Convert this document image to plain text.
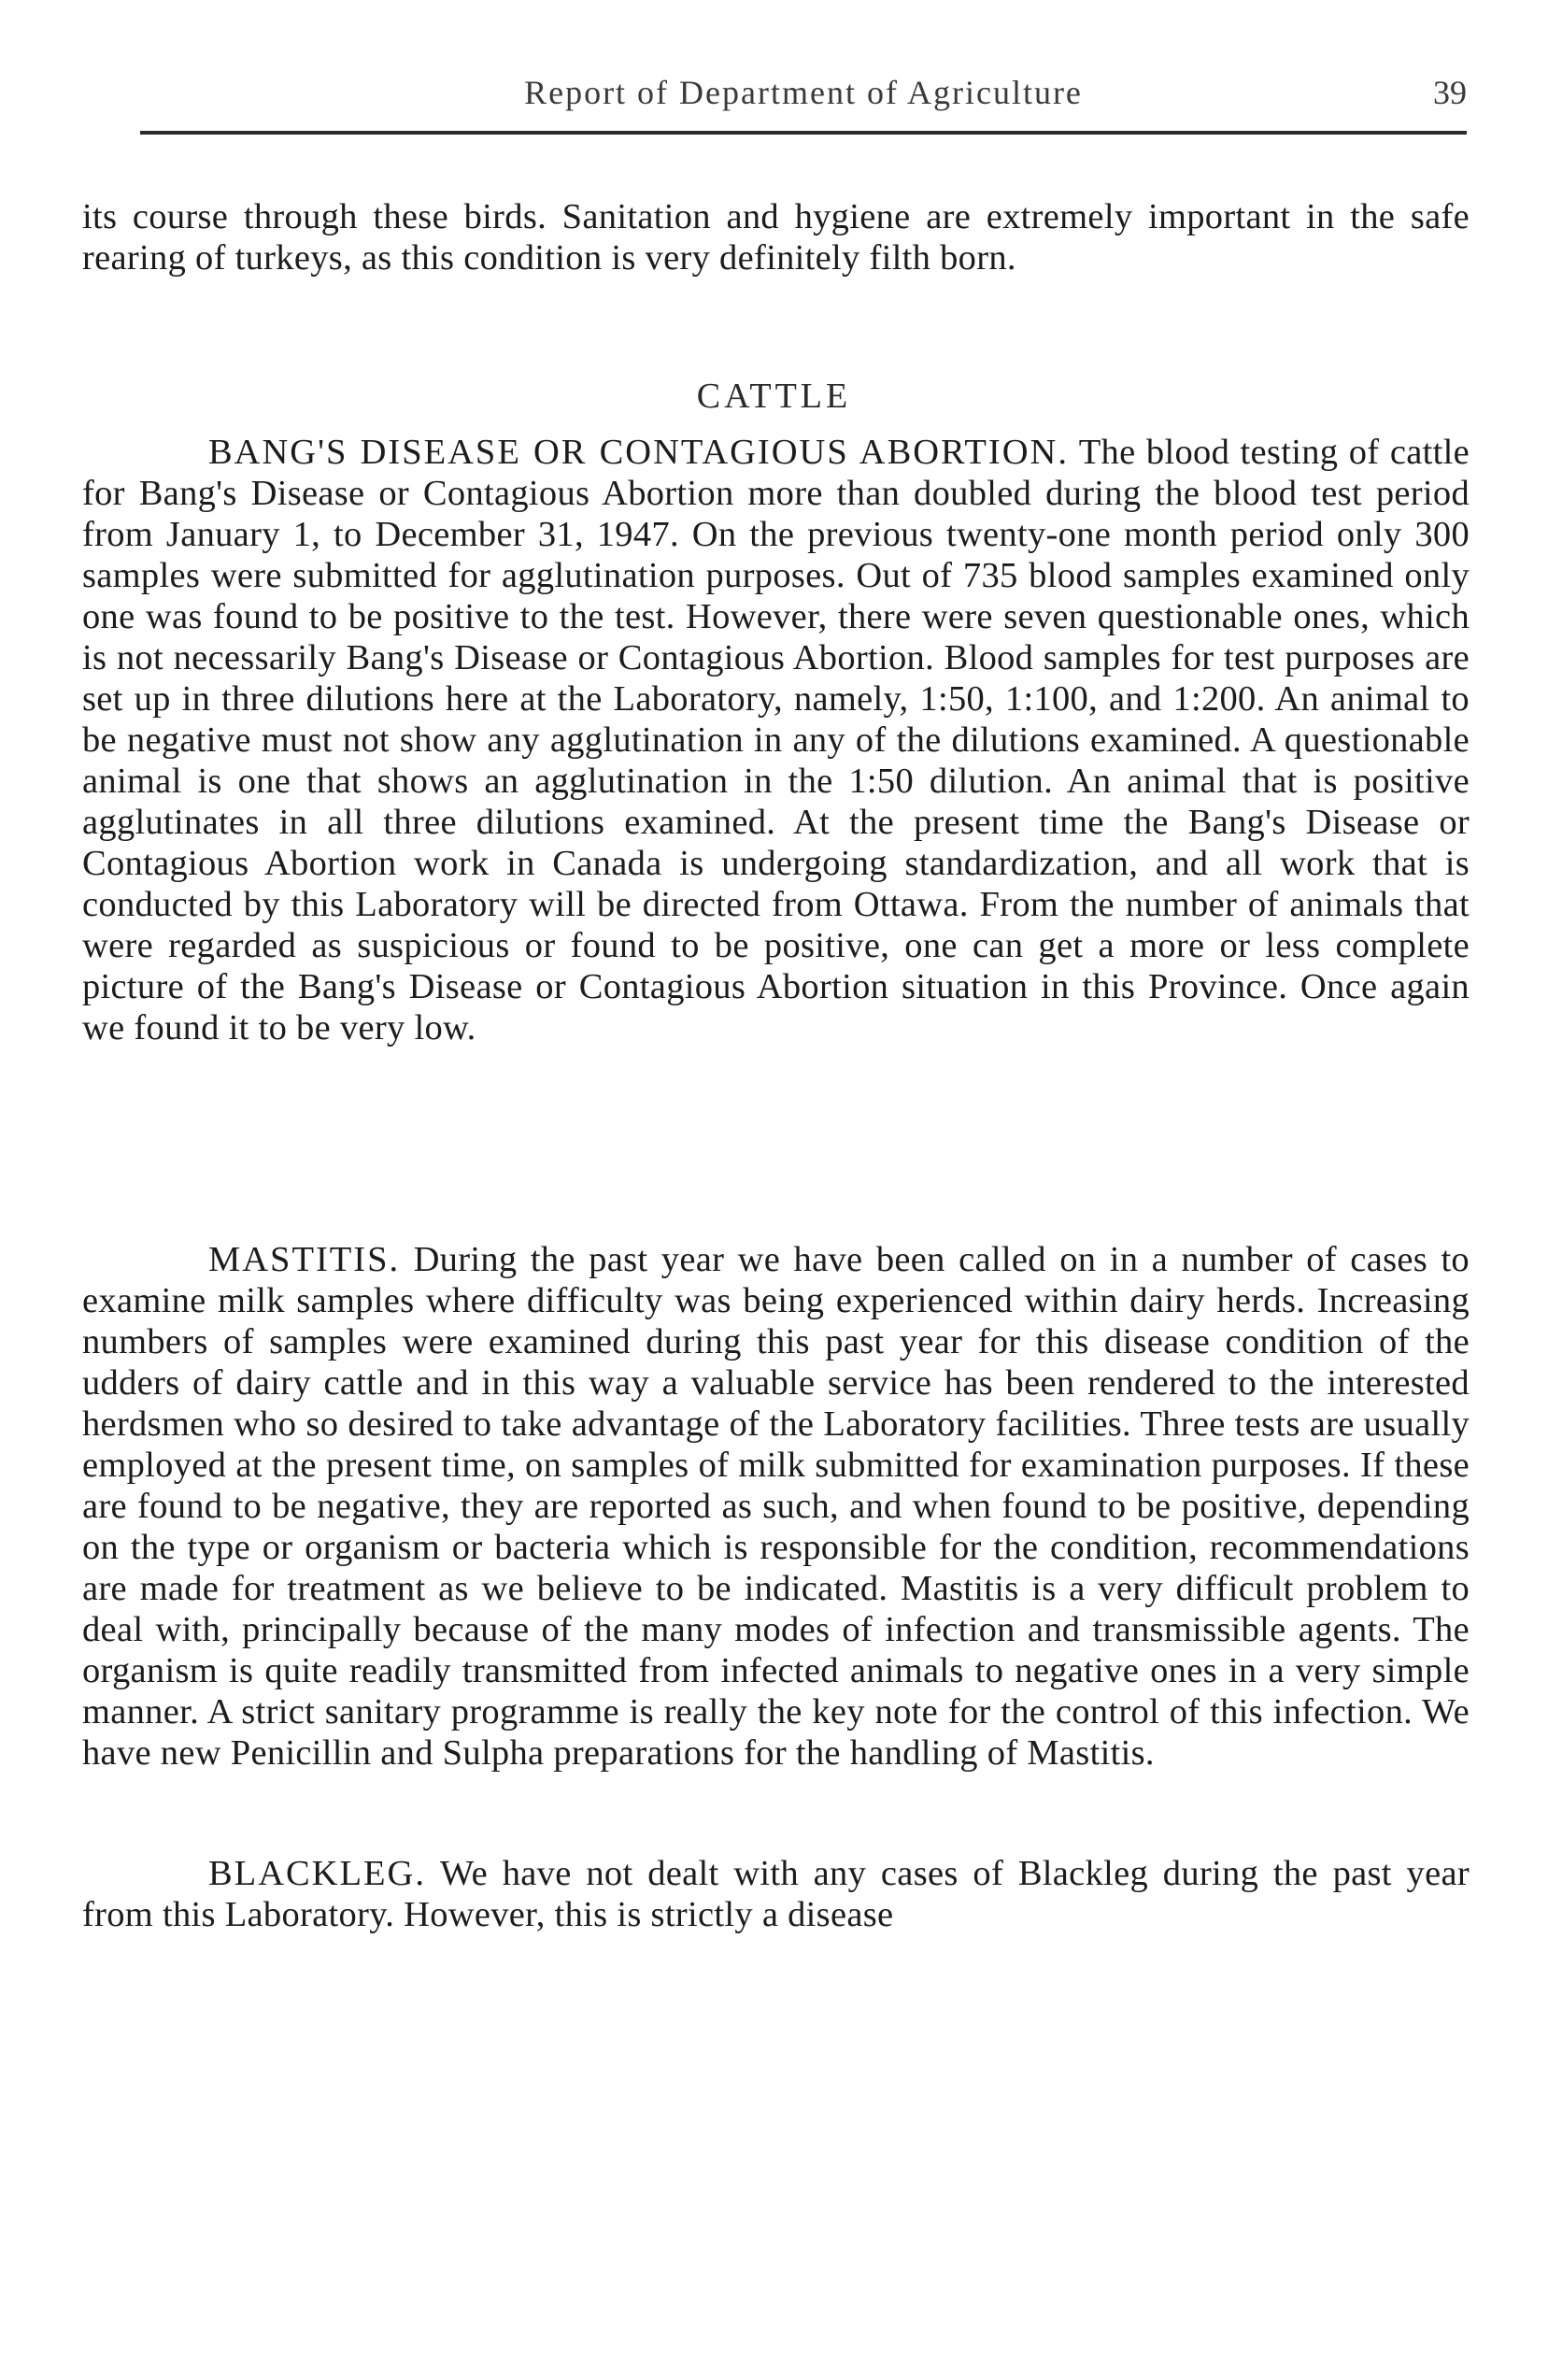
Report of Department of Agriculture	39

its course through these birds. Sanitation and hygiene are extremely important in the safe rearing of turkeys, as this condition is very definitely filth born.

CATTLE

BANG'S DISEASE OR CONTAGIOUS ABORTION. The blood testing of cattle for Bang's Disease or Contagious Abortion more than doubled during the blood test period from January 1, to December 31, 1947. On the previous twenty-one month period only 300 samples were submitted for agglutination purposes. Out of 735 blood samples examined only one was found to be positive to the test. However, there were seven questionable ones, which is not necessarily Bang's Disease or Contagious Abortion. Blood samples for test purposes are set up in three dilutions here at the Laboratory, namely, 1:50, 1:100, and 1:200. An animal to be negative must not show any agglutination in any of the dilutions examined. A questionable animal is one that shows an agglutination in the 1:50 dilution. An animal that is positive agglutinates in all three dilutions examined. At the present time the Bang's Disease or Contagious Abortion work in Canada is undergoing standardization, and all work that is conducted by this Laboratory will be directed from Ottawa. From the number of animals that were regarded as suspicious or found to be positive, one can get a more or less complete picture of the Bang's Disease or Contagious Abortion situation in this Province. Once again we found it to be very low.

MASTITIS. During the past year we have been called on in a number of cases to examine milk samples where difficulty was being experienced within dairy herds. Increasing numbers of samples were examined during this past year for this disease condition of the udders of dairy cattle and in this way a valuable service has been rendered to the interested herdsmen who so desired to take advantage of the Laboratory facilities. Three tests are usually employed at the present time, on samples of milk submitted for examination purposes. If these are found to be negative, they are reported as such, and when found to be positive, depending on the type or organism or bacteria which is responsible for the condition, recommendations are made for treatment as we believe to be indicated. Mastitis is a very difficult problem to deal with, principally because of the many modes of infection and transmissible agents. The organism is quite readily transmitted from infected animals to negative ones in a very simple manner. A strict sanitary programme is really the key note for the control of this infection. We have new Penicillin and Sulpha preparations for the handling of Mastitis.

BLACKLEG. We have not dealt with any cases of Blackleg during the past year from this Laboratory. However, this is strictly a disease
